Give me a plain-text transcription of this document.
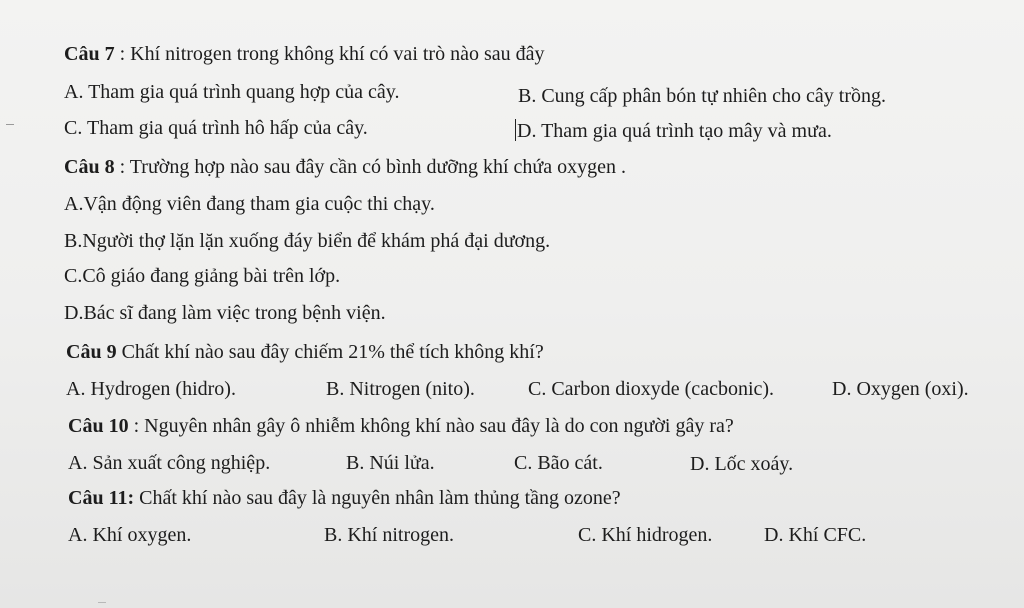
Câu 7 : Khí nitrogen trong không khí có vai trò nào sau đây
A. Tham gia quá trình quang hợp của cây.	B. Cung cấp phân bón tự nhiên cho cây trồng.
C. Tham gia quá trình hô hấp của cây.	D. Tham gia quá trình tạo mây và mưa.
Câu 8 : Trường hợp nào sau đây cần có bình dưỡng khí chứa oxygen .
A.Vận động viên đang tham gia cuộc thi chạy.
B.Người thợ lặn lặn xuống đáy biển để khám phá đại dương.
C.Cô giáo đang giảng bài trên lớp.
D.Bác sĩ đang làm việc trong bệnh viện.
Câu 9 Chất khí nào sau đây chiếm 21% thể tích không khí?
A. Hydrogen (hidro).	B. Nitrogen (nito).	C. Carbon dioxyde (cacbonic).	D. Oxygen (oxi).
Câu 10 : Nguyên nhân gây ô nhiễm không khí nào sau đây là do con người gây ra?
A. Sản xuất công nghiệp.	B. Núi lửa.	C. Bão cát.	D. Lốc xoáy.
Câu 11: Chất khí nào sau đây là nguyên nhân làm thủng tầng ozone?
A. Khí oxygen.	B. Khí nitrogen.	C. Khí hidrogen.	D. Khí CFC.
